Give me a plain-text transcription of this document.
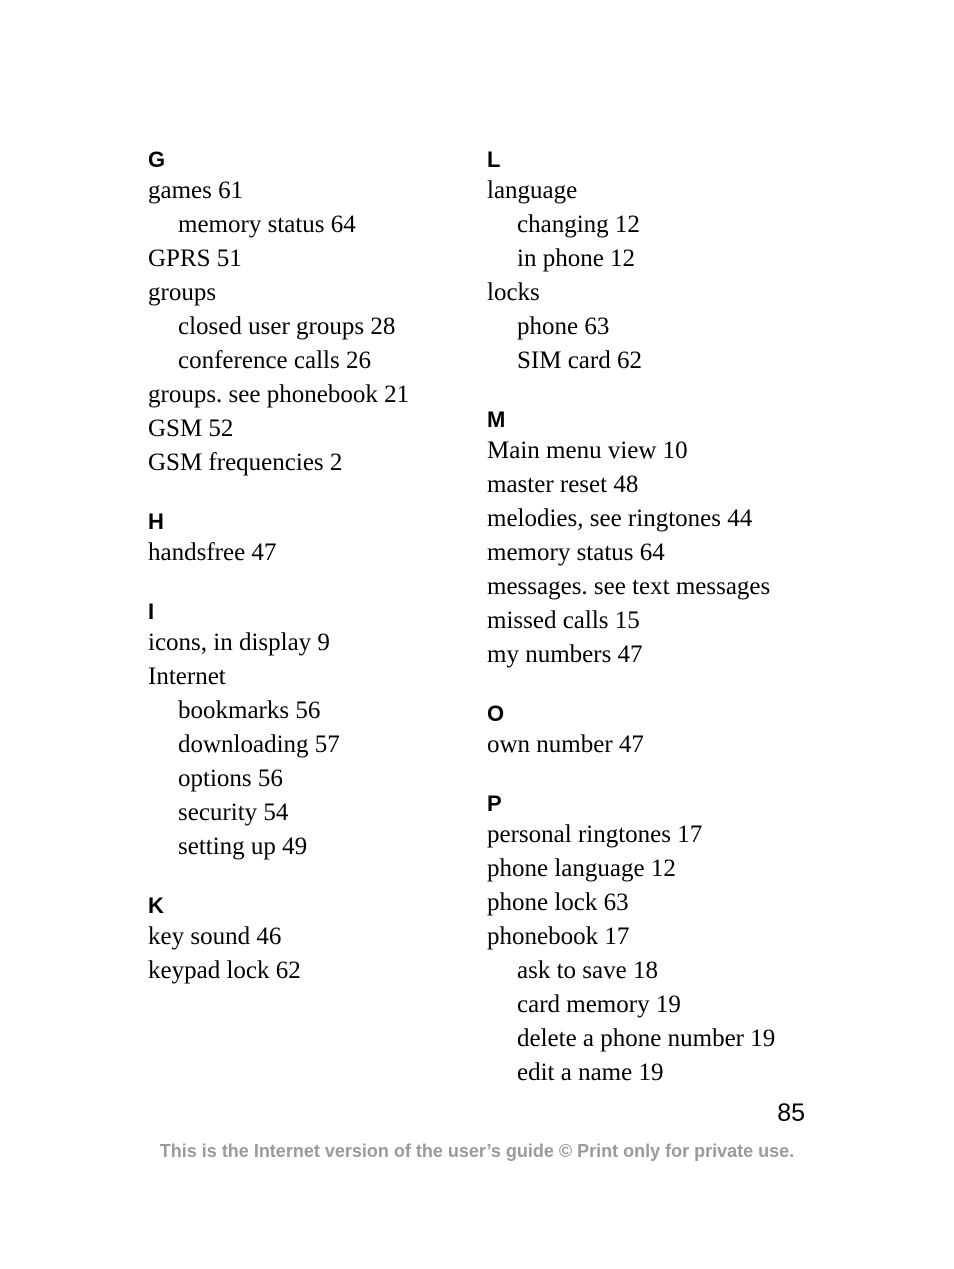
G
games 61
memory status 64
GPRS 51
groups
closed user groups 28
conference calls 26
groups. see phonebook 21
GSM 52
GSM frequencies 2
H
handsfree 47
I
icons, in display 9
Internet
bookmarks 56
downloading 57
options 56
security 54
setting up 49
K
key sound 46
keypad lock 62
L
language
changing 12
in phone 12
locks
phone 63
SIM card 62
M
Main menu view 10
master reset 48
melodies, see ringtones 44
memory status 64
messages. see text messages
missed calls 15
my numbers 47
O
own number 47
P
personal ringtones 17
phone language 12
phone lock 63
phonebook 17
ask to save 18
card memory 19
delete a phone number 19
edit a name 19
85
This is the Internet version of the user’s guide © Print only for private use.
